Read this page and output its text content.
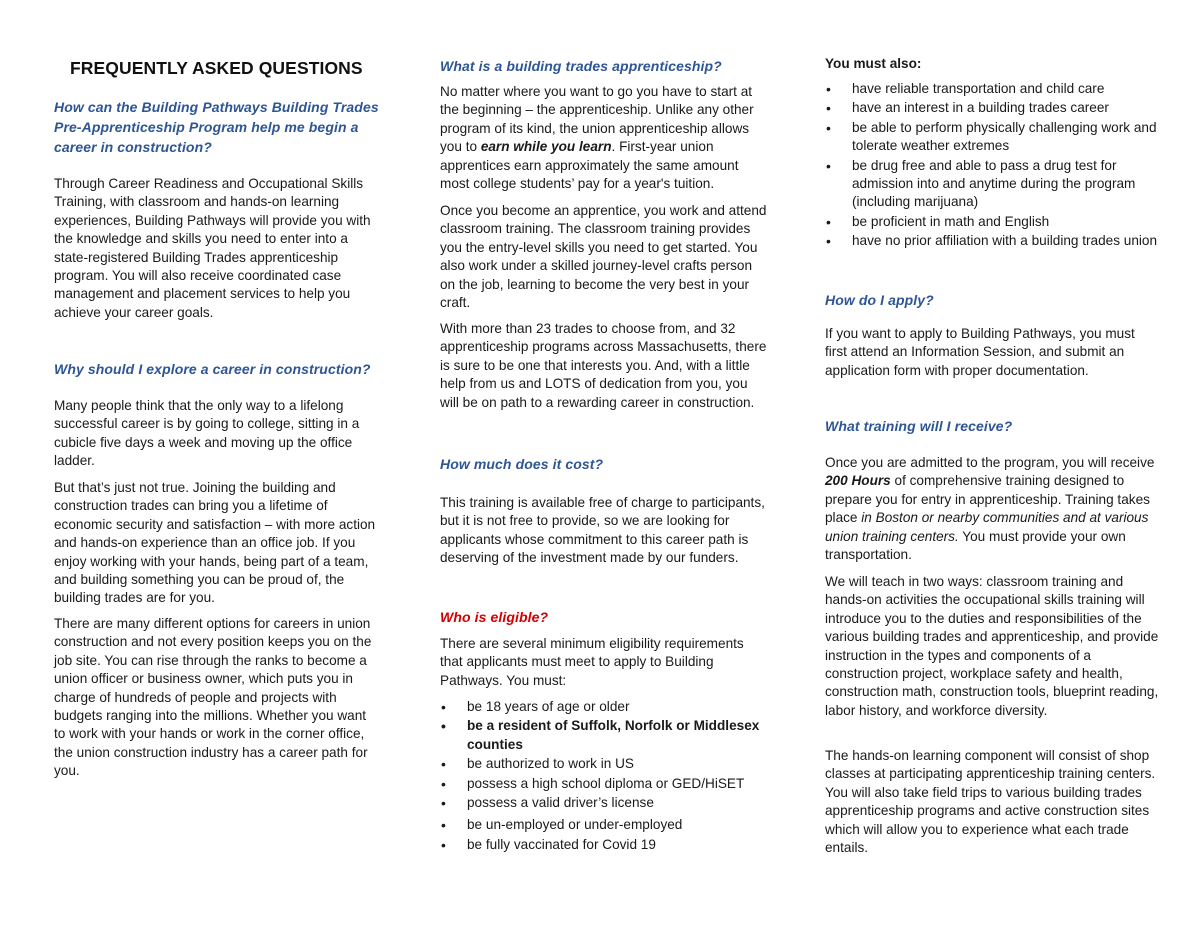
FREQUENTLY ASKED QUESTIONS
How can the Building Pathways Building Trades Pre-Apprenticeship Program help me begin a career in construction?
Through Career Readiness and Occupational Skills Training, with classroom and hands-on learning experiences, Building Pathways will provide you with the knowledge and skills you need to enter into a state-registered Building Trades apprenticeship program. You will also receive coordinated case management and placement services to help you achieve your career goals.
Why should I explore a career in construction?
Many people think that the only way to a lifelong successful career is by going to college, sitting in a cubicle five days a week and moving up the office ladder.
But that’s just not true. Joining the building and construction trades can bring you a lifetime of economic security and satisfaction – with more action and hands-on experience than an office job. If you enjoy working with your hands, being part of a team, and building something you can be proud of, the building trades are for you.
There are many different options for careers in union construction and not every position keeps you on the job site. You can rise through the ranks to become a union officer or business owner, which puts you in charge of hundreds of people and projects with budgets ranging into the millions. Whether you want to work with your hands or work in the corner office, the union construction industry has a career path for you.
What is a building trades apprenticeship?
No matter where you want to go you have to start at the beginning – the apprenticeship. Unlike any other program of its kind, the union apprenticeship allows you to earn while you learn. First-year union apprentices earn approximately the same amount most college students’ pay for a year's tuition.
Once you become an apprentice, you work and attend classroom training. The classroom training provides you the entry-level skills you need to get started. You also work under a skilled journey-level crafts person on the job, learning to become the very best in your craft.
With more than 23 trades to choose from, and 32 apprenticeship programs across Massachusetts, there is sure to be one that interests you. And, with a little help from us and LOTS of dedication from you, you will be on path to a rewarding career in construction.
How much does it cost?
This training is available free of charge to participants, but it is not free to provide, so we are looking for applicants whose commitment to this career path is deserving of the investment made by our funders.
Who is eligible?
There are several minimum eligibility requirements that applicants must meet to apply to Building Pathways. You must:
• be 18 years of age or older
• be a resident of Suffolk, Norfolk or Middlesex counties
• be authorized to work in US
• possess a high school diploma or GED/HiSET
• possess a valid driver’s license
• be un-employed or under-employed
• be fully vaccinated for Covid 19
You must also:
• have reliable transportation and child care
• have an interest in a building trades career
• be able to perform physically challenging work and tolerate weather extremes
• be drug free and able to pass a drug test for admission into and anytime during the program (including marijuana)
• be proficient in math and English
• have no prior affiliation with a building trades union
How do I apply?
If you want to apply to Building Pathways, you must first attend an Information Session, and submit an application form with proper documentation.
What training will I receive?
Once you are admitted to the program, you will receive 200 Hours of comprehensive training designed to prepare you for entry in apprenticeship. Training takes place in Boston or nearby communities and at various union training centers. You must provide your own transportation.
We will teach in two ways: classroom training and hands-on activities the occupational skills training will introduce you to the duties and responsibilities of the various building trades and apprenticeship, and provide instruction in the types and components of a construction project, workplace safety and health, construction math, construction tools, blueprint reading, labor history, and workforce diversity.
The hands-on learning component will consist of shop classes at participating apprenticeship training centers. You will also take field trips to various building trades apprenticeship programs and active construction sites which will allow you to experience what each trade entails.
